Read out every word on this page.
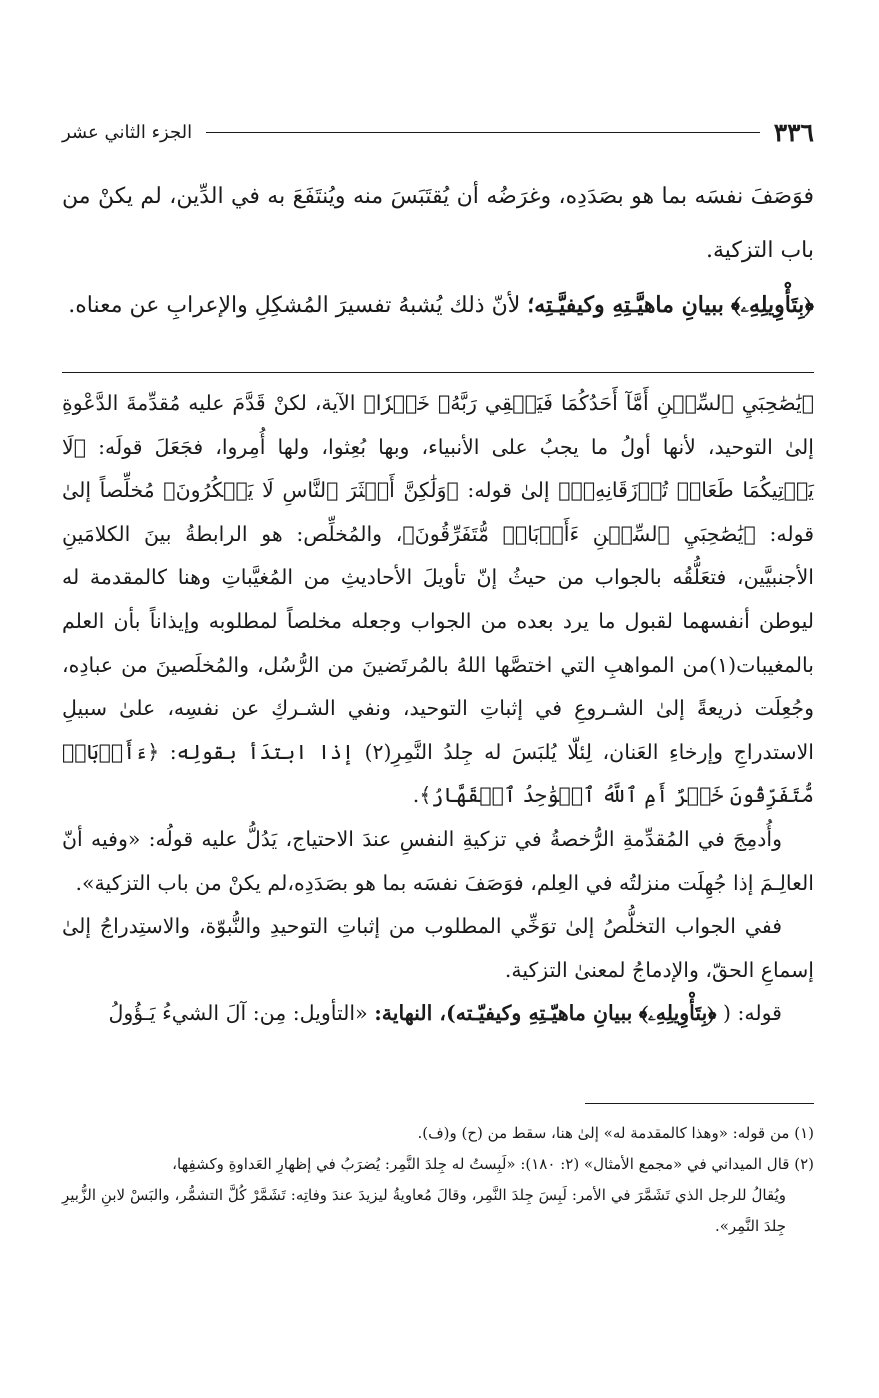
٣٣٦
الجزء الثاني عشر

فوَصَفَ نفسَه بما هو بصَدَدِه، وغرَضُه أن يُقتَبَسَ منه ويُنتَفَعَ به في الدِّين، لم يكنْ من باب التزكية.

﴿بِتَأْوِيلِهِۦ﴾ ببيانِ ماهيَّـتِهِ وكيفيَّـتِه؛ لأنّ ذلك يُشبهُ تفسيرَ المُشكِلِ والإعرابِ عن معناه.

﴿يَٰصَٰحِبَيِ ٱلسِّجۡنِ أَمَّآ أَحَدُكُمَا فَيَسۡقِي رَبَّهُۥ خَمۡرٗا﴾ الآية، لكنْ قَدَّمَ عليه مُقدِّمةَ الدَّعْوةِ إلىٰ التوحيد، لأنها أولُ ما يجبُ على الأنبياء، وبها بُعِثوا، ولها أُمِروا، فجَعَلَ قولَه: ﴿لَا يَأۡتِيكُمَا طَعَامٞ تُرۡزَقَانِهِۦٓ﴾ إلىٰ قوله: ﴿وَلَٰكِنَّ أَكۡثَرَ ٱلنَّاسِ لَا يَشۡكُرُونَ﴾ مُخلِّصاً إلىٰ قوله: ﴿يَٰصَٰحِبَيِ ٱلسِّجۡنِ ءَأَرۡبَابٞ مُّتَفَرِّقُونَ﴾، والمُخلِّص: هو الرابطةُ بينَ الكلامَينِ الأجنبيَّين، فتعَلُّقُه بالجواب من حيثُ إنّ تأويلَ الأحاديثِ من المُغيَّباتِ وهنا كالمقدمة له ليوطن أنفسهما لقبول ما يرد بعده من الجواب وجعله مخلصاً لمطلوبه وإيذاناً بأن العلم بالمغيبات(١)من المواهبِ التي اختصَّها اللهُ بالمُرتَضينَ من الرُّسُل، والمُخلَصينَ من عبادِه، وجُعِلَت ذريعةً إلىٰ الشـروعِ في إثباتِ التوحيد، ونفي الشـركِ عن نفسِه، علىٰ سبيلِ الاستدراجِ وإرخاءِ العَنان، لِئلّا يُلبَسَ له جِلدُ النَّمِرِ(٢) إذا ابتدَأ بقولِه: ﴿ءَأَرۡبَابٞ مُّتَفَرِّقُونَ خَيۡرٌ أَمِ ٱللَّهُ ٱلۡوَٰحِدُ ٱلۡقَهَّارُ﴾.

وأُدمِجَ في المُقدِّمةِ الرُّخصةُ في تزكيةِ النفسِ عندَ الاحتياج، يَدُلُّ عليه قولُه: «وفيه أنّ العالِـمَ إذا جُهِلَت منزلتُه في العِلم، فوَصَفَ نفسَه بما هو بصَدَدِه،لم يكنْ من باب التزكية».

ففي الجواب التخلُّصُ إلىٰ توَخِّي المطلوب من إثباتِ التوحيدِ والنُّبوّة، والاستِدراجُ إلىٰ إسماعِ الحقّ، والإدماجُ لمعنىٰ التزكية.

قوله: ( ﴿بِتَأْوِيلِهِۦ﴾ ببيانِ ماهيّـتِهِ وكيفيّـته)، النهاية: «التأويل: مِن: آلَ الشيءُ يَـؤُولُ

(١) من قوله: «وهذا كالمقدمة له» إلىٰ هنا، سقط من (ح) و(ف).

(٢) قال الميداني في «مجمع الأمثال» (٢: ١٨٠): «لَبِستُ له جِلدَ النَّمِر: يُضرَبُ في إظهارِ العَداوةِ وكشفِها،

ويُقالُ للرجل الذي تَشَمَّرَ في الأمر: لَبِسَ جِلدَ النَّمِر، وقالَ مُعاويةُ ليزيدَ عندَ وفاتِه: تَشَمَّرْ كُلَّ التشمُّر، والبَسْ لابنِ الزُّبيرِ جِلدَ النَّمِر».
